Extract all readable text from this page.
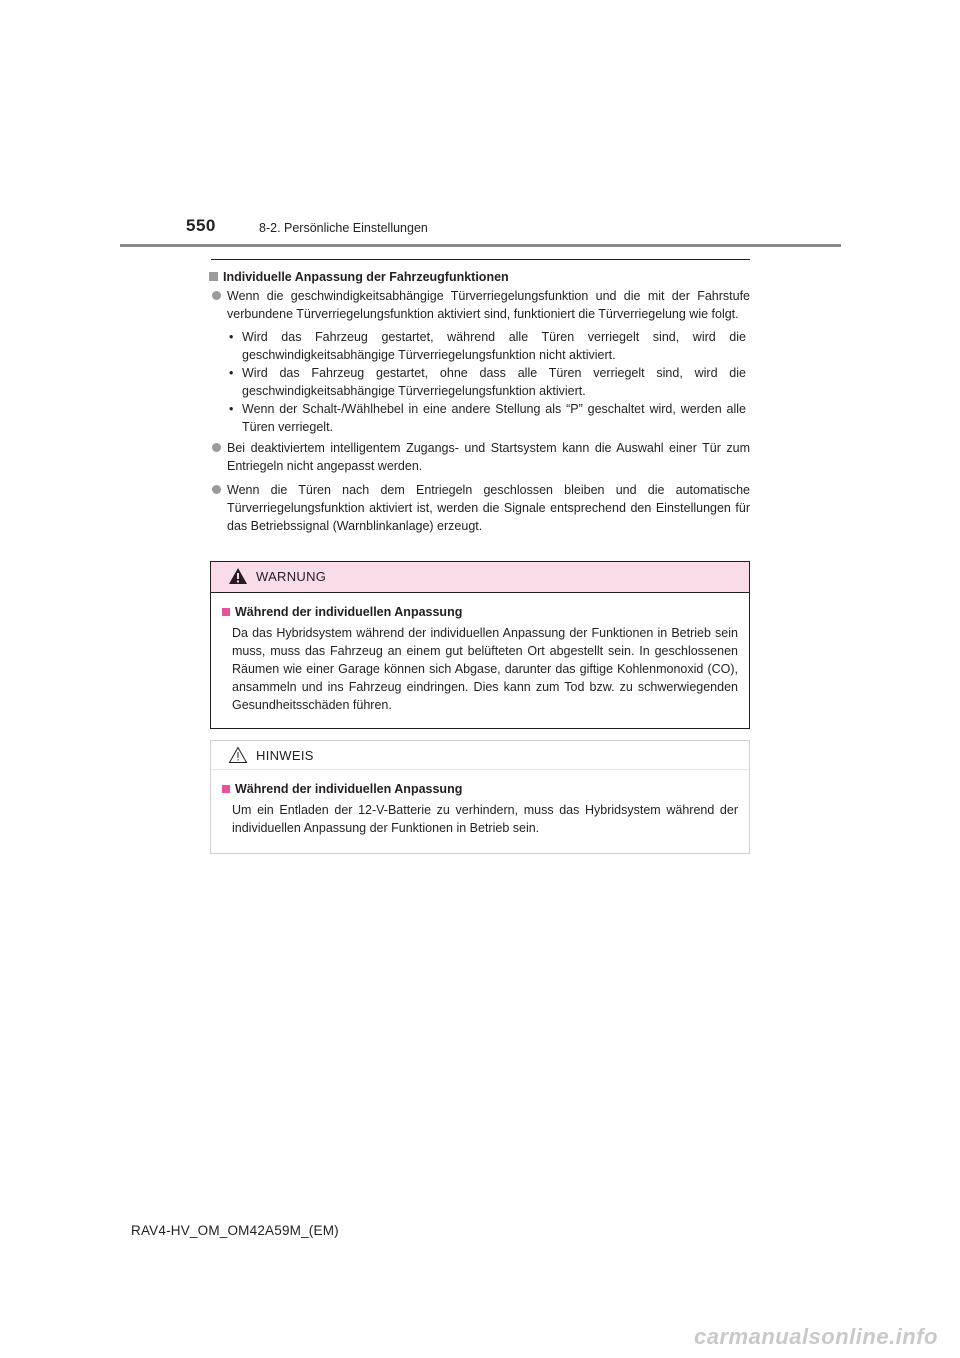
550	8-2. Persönliche Einstellungen
Individuelle Anpassung der Fahrzeugfunktionen
Wenn die geschwindigkeitsabhängige Türverriegelungsfunktion und die mit der Fahrstufe verbundene Türverriegelungsfunktion aktiviert sind, funktioniert die Türverriegelung wie folgt.
• Wird das Fahrzeug gestartet, während alle Türen verriegelt sind, wird die geschwindigkeitsabhängige Türverriegelungsfunktion nicht aktiviert.
• Wird das Fahrzeug gestartet, ohne dass alle Türen verriegelt sind, wird die geschwindigkeitsabhängige Türverriegelungsfunktion aktiviert.
• Wenn der Schalt-/Wählhebel in eine andere Stellung als “P” geschaltet wird, werden alle Türen verriegelt.
Bei deaktiviertem intelligentem Zugangs- und Startsystem kann die Auswahl einer Tür zum Entriegeln nicht angepasst werden.
Wenn die Türen nach dem Entriegeln geschlossen bleiben und die automatische Türverriegelungsfunktion aktiviert ist, werden die Signale entsprechend den Einstellungen für das Betriebssignal (Warnblinkanlage) erzeugt.
WARNUNG
Während der individuellen Anpassung
Da das Hybridsystem während der individuellen Anpassung der Funktionen in Betrieb sein muss, muss das Fahrzeug an einem gut belüfteten Ort abgestellt sein. In geschlossenen Räumen wie einer Garage können sich Abgase, darunter das giftige Kohlenmonoxid (CO), ansammeln und ins Fahrzeug eindringen. Dies kann zum Tod bzw. zu schwerwiegenden Gesundheitsschäden führen.
HINWEIS
Während der individuellen Anpassung
Um ein Entladen der 12-V-Batterie zu verhindern, muss das Hybridsystem während der individuellen Anpassung der Funktionen in Betrieb sein.
RAV4-HV_OM_OM42A59M_(EM)
carmanualsonline.info
